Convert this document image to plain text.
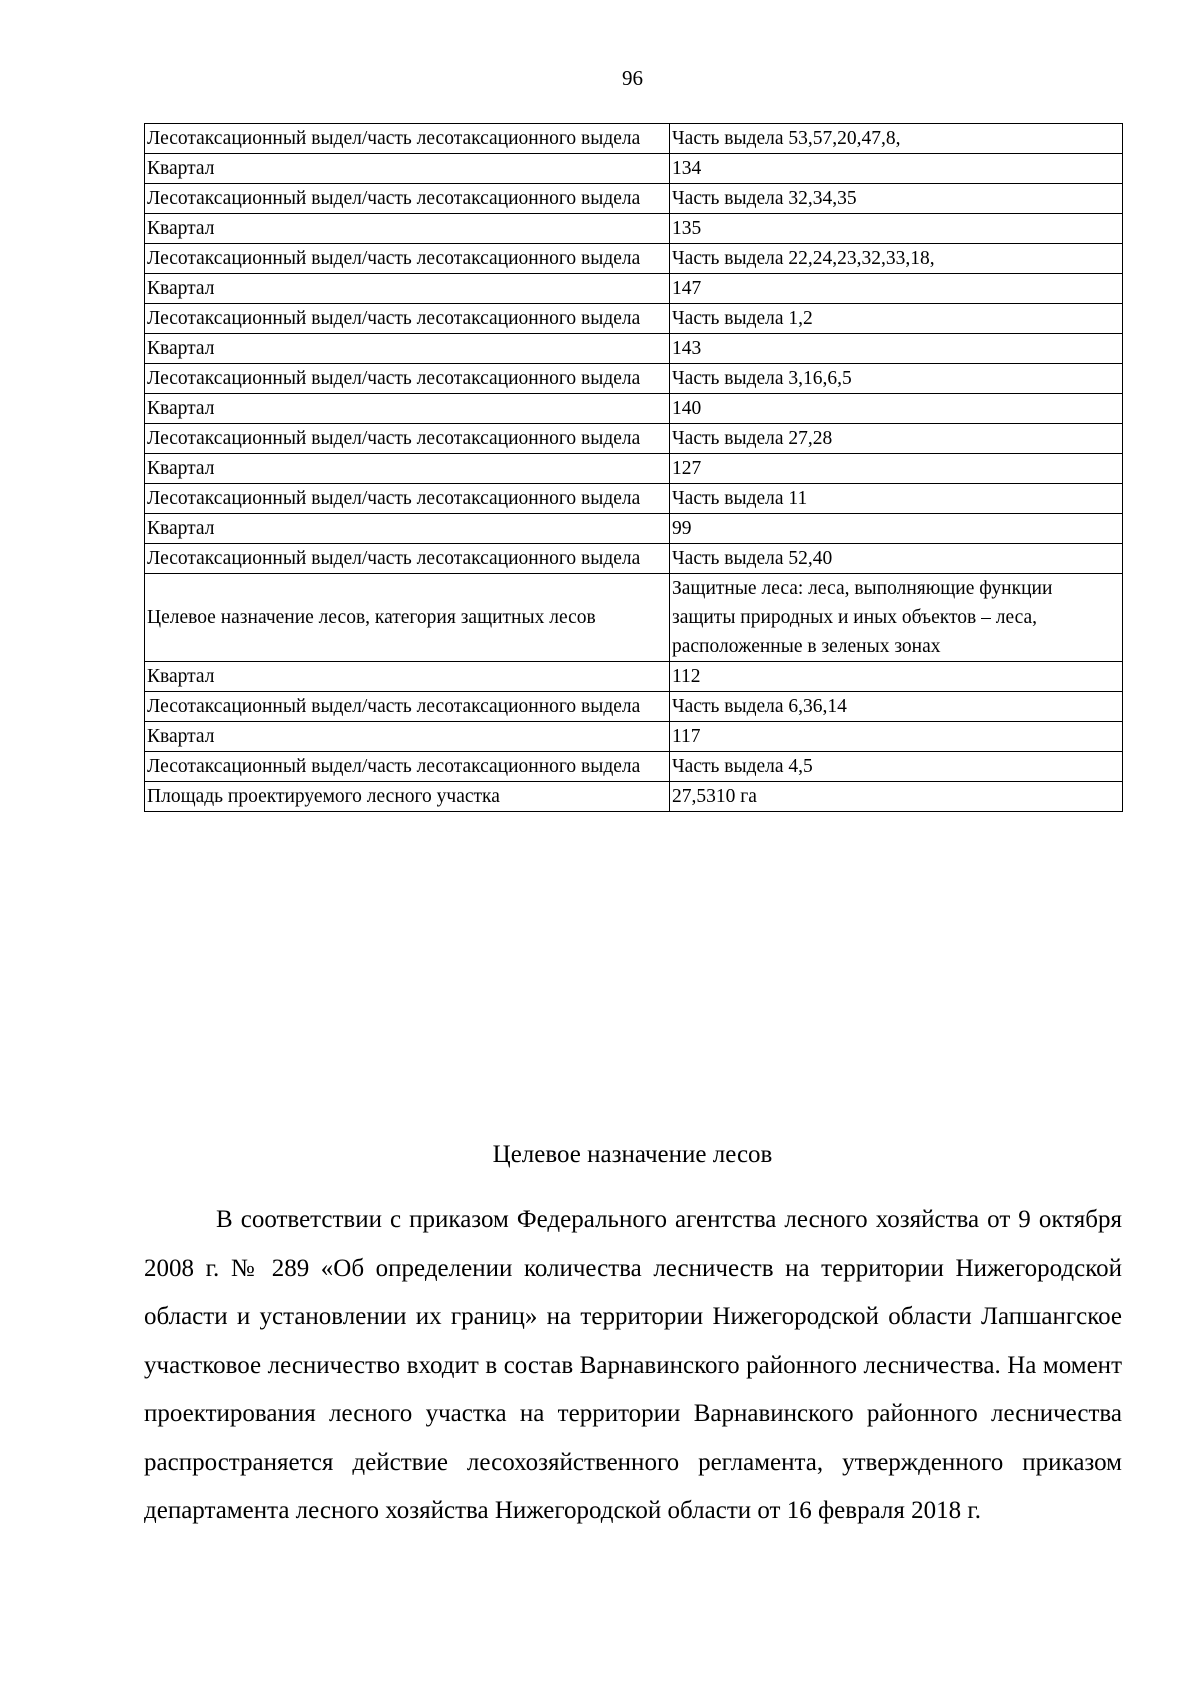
96
Лесотаксационный выдел/часть лесотаксационного выдела	Часть выдела 53,57,20,47,8,
Квартал	134
Лесотаксационный выдел/часть лесотаксационного выдела	Часть выдела 32,34,35
Квартал	135
Лесотаксационный выдел/часть лесотаксационного выдела	Часть выдела 22,24,23,32,33,18,
Квартал	147
Лесотаксационный выдел/часть лесотаксационного выдела	Часть выдела 1,2
Квартал	143
Лесотаксационный выдел/часть лесотаксационного выдела	Часть выдела 3,16,6,5
Квартал	140
Лесотаксационный выдел/часть лесотаксационного выдела	Часть выдела 27,28
Квартал	127
Лесотаксационный выдел/часть лесотаксационного выдела	Часть выдела 11
Квартал	99
Лесотаксационный выдел/часть лесотаксационного выдела	Часть выдела 52,40
Целевое назначение лесов, категория защитных лесов	Защитные леса: леса, выполняющие функции защиты природных и иных объектов – леса, расположенные в зеленых зонах
Квартал	112
Лесотаксационный выдел/часть лесотаксационного выдела	Часть выдела 6,36,14
Квартал	117
Лесотаксационный выдел/часть лесотаксационного выдела	Часть выдела 4,5
Площадь проектируемого лесного участка	27,5310 га
Целевое назначение лесов

В соответствии с приказом Федерального агентства лесного хозяйства от 9 октября 2008 г. № 289 «Об определении количества лесничеств на территории Нижегородской области и установлении их границ» на территории Нижегородской области Лапшангское участковое лесничество входит в состав Варнавинского районного лесничества. На момент проектирования лесного участка на территории Варнавинского районного лесничества распространяется действие лесохозяйственного регламента, утвержденного приказом департамента лесного хозяйства Нижегородской области от 16 февраля 2018 г.
